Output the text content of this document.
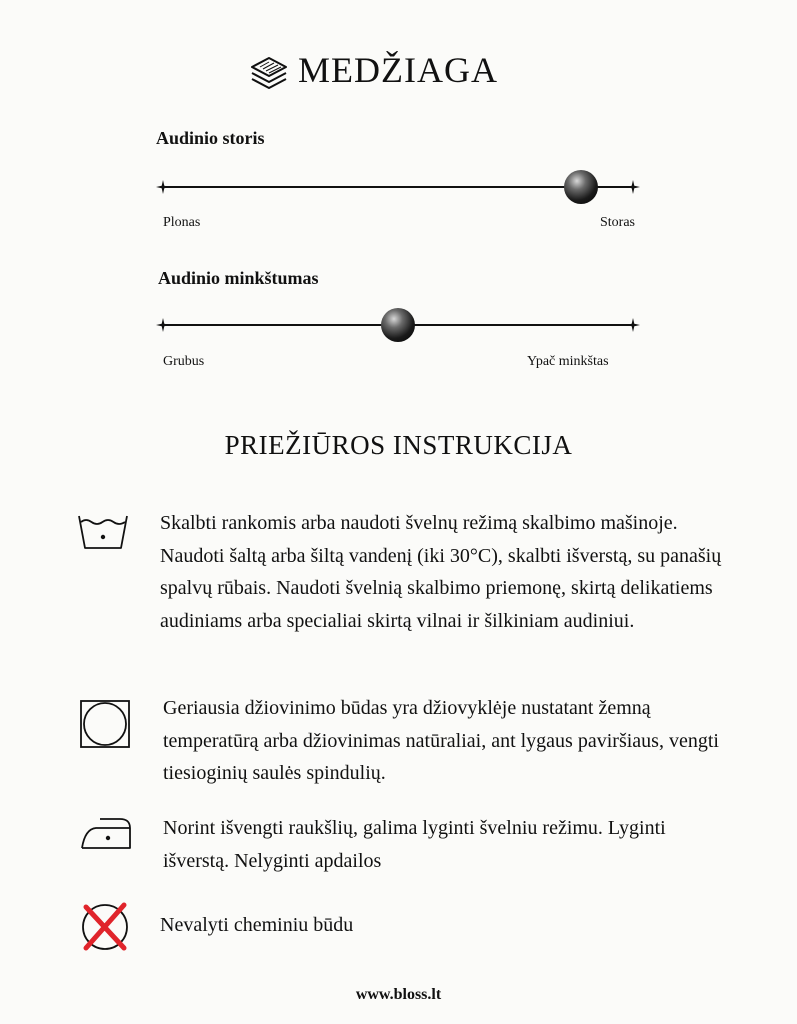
MEDŽIAGA
Audinio storis
Plonas	Storas
Audinio minkštumas
Grubus	Ypač minkštas
PRIEŽIŪROS INSTRUKCIJA
Skalbti rankomis arba naudoti švelnų režimą skalbimo mašinoje. Naudoti šaltą arba šiltą vandenį (iki 30°C), skalbti išverstą, su panašių spalvų rūbais. Naudoti švelnią skalbimo priemonę, skirtą delikatiems audiniams arba specialiai skirtą vilnai ir šilkiniam audiniui.
Geriausia džiovinimo būdas yra džiovyklėje nustatant žemną temperatūrą arba džiovinimas natūraliai, ant lygaus paviršiaus, vengti tiesioginių saulės spindulių.
Norint išvengti raukšlių, galima lyginti švelniu režimu. Lyginti išverstą. Nelyginti apdailos
Nevalyti cheminiu būdu
www.bloss.lt
